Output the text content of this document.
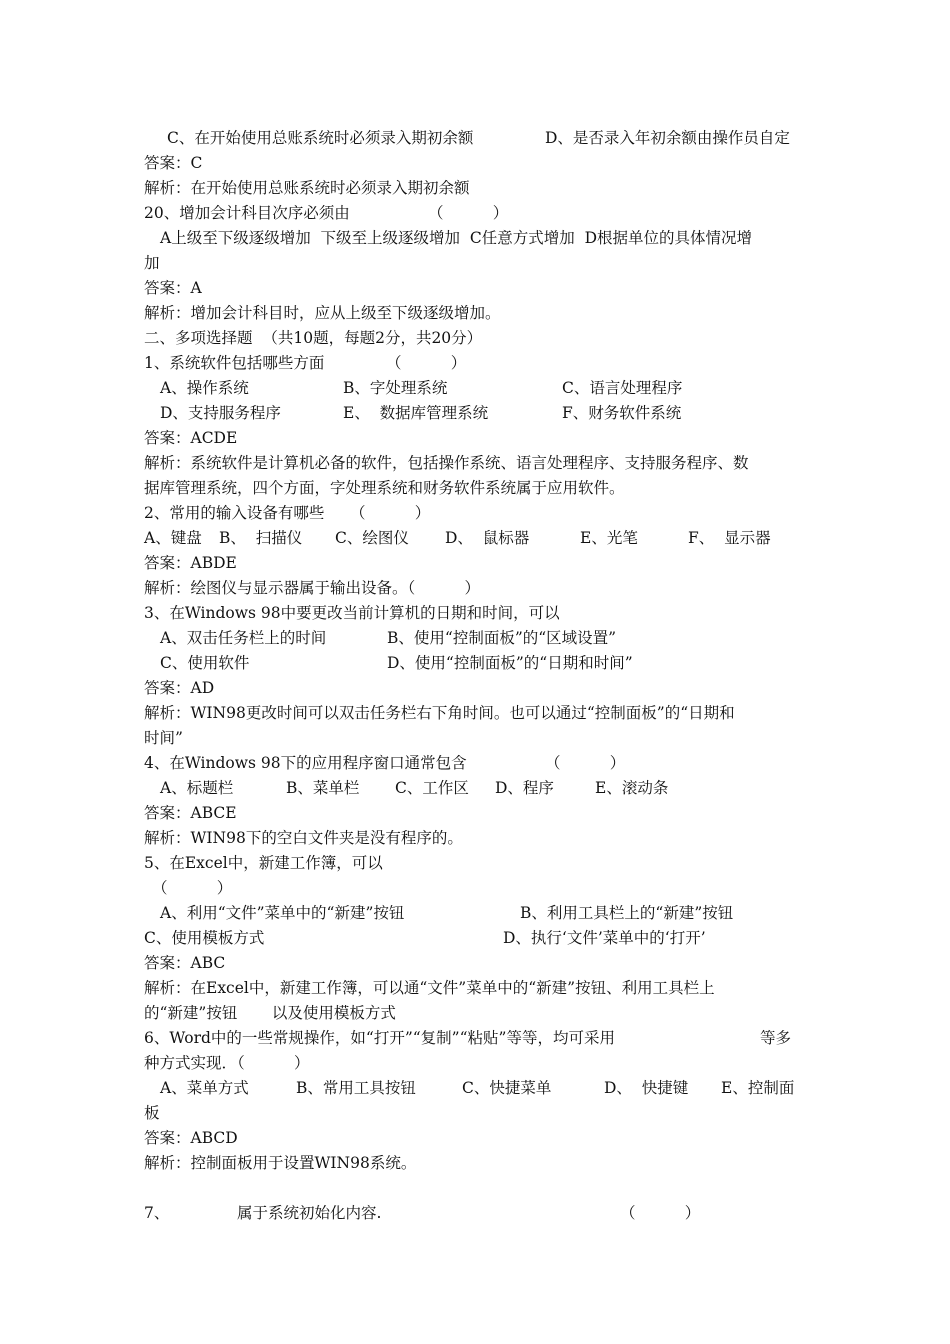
C、在开始使用总账系统时必须录入期初余额	D、是否录入年初余额由操作员自定
答案：C
解析：在开始使用总账系统时必须录入期初余额
20、增加会计科目次序必须由	（          ）
A上级至下级逐级增加  下级至上级逐级增加  C任意方式增加  D根据单位的具体情况增
加
答案：A
解析：增加会计科目时，应从上级至下级逐级增加。
二、多项选择题  （共10题，每题2分，共20分）
1、系统软件包括哪些方面	（          ）
A、操作系统	B、字处理系统	C、语言处理程序
D、支持服务程序	E、  数据库管理系统	F、财务软件系统
答案：ACDE
解析：系统软件是计算机必备的软件，包括操作系统、语言处理程序、支持服务程序、数
据库管理系统，四个方面，字处理系统和财务软件系统属于应用软件。
2、常用的输入设备有哪些 （          ）
A、键盘 B、  扫描仪 C、绘图仪 D、  鼠标器	E、光笔	F、  显示器
答案：ABDE
解析：绘图仪与显示器属于输出设备。（          ）
3、在Windows 98中要更改当前计算机的日期和时间，可以
A、双击任务栏上的时间	B、使用“控制面板”的“区域设置”
C、使用软件	D、使用“控制面板”的“日期和时间”
答案：AD
解析：WIN98更改时间可以双击任务栏右下角时间。也可以通过“控制面板”的“日期和
时间”
4、在Windows 98下的应用程序窗口通常包含	（          ）
A、标题栏	B、菜单栏 C、工作区 D、程序	E、滚动条
答案：ABCE
解析：WIN98下的空白文件夹是没有程序的。
5、在Excel中，新建工作簿，可以
（          ）
A、利用“文件”菜单中的“新建”按钮	B、利用工具栏上的“新建”按钮
C、使用模板方式	D、执行‘文件’菜单中的‘打开’
答案：ABC
解析：在Excel中，新建工作簿，可以通“文件”菜单中的“新建”按钮、利用工具栏上
的“新建”按钮       以及使用模板方式
6、Word中的一些常规操作，如“打开”“复制”“粘贴”等等，均可采用	等多
种方式实现．（          ）
A、菜单方式	B、常用工具按钮	C、快捷菜单	D、  快捷键 E、控制面
板
答案：ABCD
解析：控制面板用于设置WIN98系统。
7、	属于系统初始化内容.	（          ）
